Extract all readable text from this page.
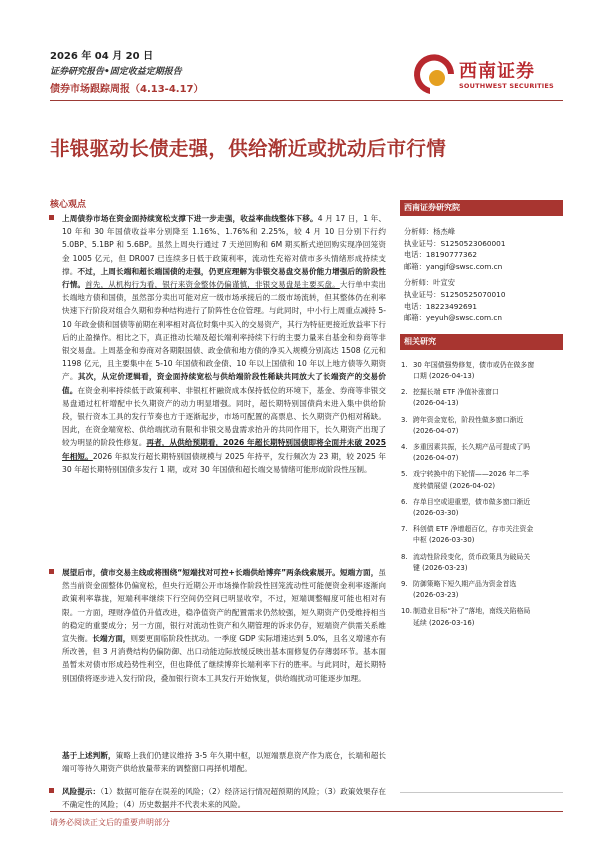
2026 年 04 月 20 日
证券研究报告•固定收益定期报告
债券市场跟踪周报（4.13-4.17）
西南证券
SOUTHWEST SECURITIES
非银驱动长债走强，供给渐近或扰动后市行情
核心观点

上周债券市场在资金面持续宽松支撑下进一步走强，收益率曲线整体下移。4 月 17 日，1 年、10 年和 30 年国债收益率分别降至 1.16%、1.76%和 2.25%，较 4 月 10 日分别下行约 5.0BP、5.1BP 和 5.6BP。虽然上周央行通过 7 天逆回购和 6M 期买断式逆回购实现净回笼资金 1005 亿元，但 DR007 已连续多日低于政策利率，流动性充裕对债市多头情绪形成持续支撑。不过，上周长端和超长端国债的走强，仍更应理解为非银交易盘交易价能力增强后的阶段性行情。首先，从机构行为看，银行来资金整体仍偏谨慎，非银交易盘是主要买盘。大行单中卖出长端地方债和国债，虽然部分卖出可能对应一级市场承接后的二级市场流转，但其整体仍在利率快速下行阶段对组合久期和券种结构进行了阶阵性仓位管理。与此同时，中小行上周重点减持 5-10 年政金债和国债等前期在利率相对高位时集中买入的交易资产，其行为特征更接近放益率下行后的止盈操作。相比之下，真正推动长端及超长端利率持续下行的主要力量来自基金和券商等非银交易盘。上周基金和券商对各期限国债、政金债和地方债的净买入规模分别高达 1508 亿元和 1198 亿元，且主要集中在 5-10 年国债和政金债、10 年以上国债和 10 年以上地方债等久期资产。其次，从定价逻辑看，资金面持续宽松与供给端阶段性稀缺共同放大了长端资产的交易价值。在资金利率持续低于政策利率、非银杠杆融资成本保持低位的环境下，基金、券商等非银交易盘通过杠杆增配中长久期资产的动力明显增强。同时，超长期特别国债尚未进入集中供给阶段，银行资本工具的发行节奏也方于逐渐起步，市场可配置的高票息、长久期资产仍相对稀缺。因此，在资金端宽松、供给端扰动有限和非银交易盘需求抬升的共同作用下，长久期资产出现了较为明显的阶段性修复。再者，从供给预期看，2026 年超长期特别国债即将全面并未破 2025 年相短。2026 年拟发行超长期特别国债规模与 2025 年持平，发行频次为 23 期，较 2025 年 30 年超长期特别国债多发行 1 期，或对 30 年国债和超长端交易情绪可能形成阶段性压制。

展望后市，债市交易主线或将围绕“短端找对可控+长端供给博弈”两条线索展开。短端方面，虽然当前资金面整体仍偏宽松，但央行近期公开市场操作阶段性回笼流动性可能便资金利率逐渐向政策利率靠拢，短端利率继续下行空间仍空间已明显收窄，不过，短端调整幅度可能也相对有限。一方面，理财净值仍升值改进，稳净值资产的配置需求仍然较强，短久期资产仍受维持相当的稳定的重要成分；另一方面，银行对流动性资产和久期管理的诉求仍存，短端资产供需关系维宣失衡。长端方面，则要更面临阶段性扰动。一季度 GDP 实际增速达到 5.0%，且名义增速亦有所改善，但 3 月消费结构仍偏防御、出口动能边际放缓反映出基本面修复仍存薄弱环节。基本面虽暂未对债市形成趋势性利空，但也降低了继续博弈长端利率下行的胜率。与此同时，超长期特别国债将逐步进入发行阶段，叠加银行资本工具发行开始恢复，供给端扰动可能逐步加理。

基于上述判断，策略上我们仍建议维持 3-5 年久期中枢，以短端票息资产作为底仓，长端和超长端可等待久期资产供给放量带来的调整窗口再择机增配。

风险提示：（1）数据可能存在误差的风险；（2）经济运行情况超预期的风险；（3）政策效果存在不确定性的风险；（4）历史数据并不代表未来的风险。

西南证券研究院
分析师：杨杰峰
执业证号：S1250523060001
电话：18190777362
邮箱：yangjf@swsc.com.cn
分析师：叶宣安
执业证号：S1250525070010
电话：18223492691
邮箱：yeyuh@swsc.com.cn
相关研究
1. 30 年国债强势修复，债市或仍在做多窗
口期 (2026-04-13)
2. 挖掘长端 ETF 净值补涨窗口
(2026-04-13)
3. 跨年资金宽松，阶段性做多窗口渐近
(2026-04-07)
4. 多重因素共振，长久期产品可提成了吗
(2026-04-07)
5. 戏宁转换中的下轮情——2026 年二季
度转债展望 (2026-04-02)
6. 存单目空或迎重塑，债市做多窗口渐近
(2026-03-30)
7. 科创债 ETF 净增超百亿，存市关注资金
中枢 (2026-03-30)
8. 流动性阶段变化，货币政策具为破局关
键 (2026-03-23)
9. 防御策略下短久期产品为资金首选
(2026-03-23)
10. 制造业目标“补了”落地，南线关陷格局
延续 (2026-03-16)
请务必阅读正文后的重要声明部分
